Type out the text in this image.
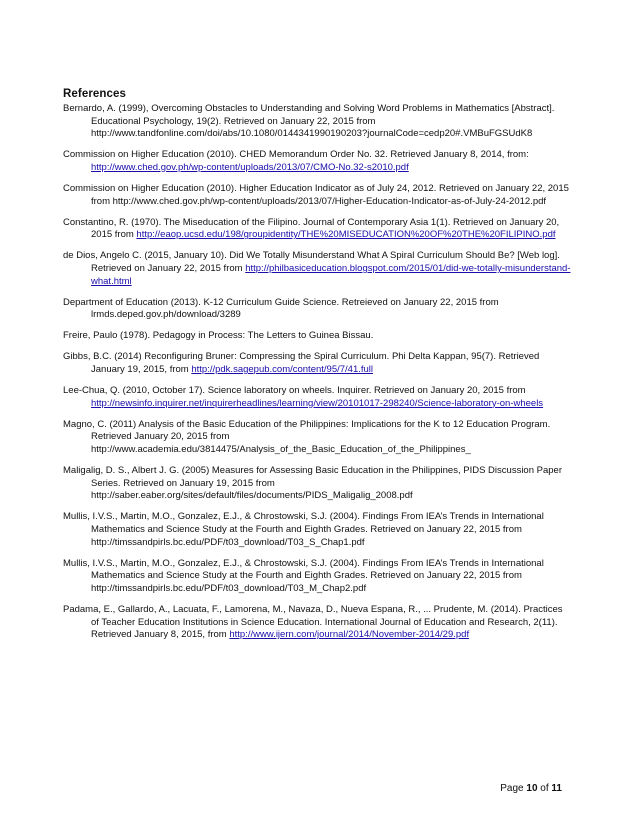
References

Bernardo, A. (1999), Overcoming Obstacles to Understanding and Solving Word Problems in Mathematics [Abstract]. Educational Psychology, 19(2). Retrieved on January 22, 2015 from http://www.tandfonline.com/doi/abs/10.1080/0144341990190203?journalCode=cedp20#.VMBuFGSUdK8

Commission on Higher Education (2010). CHED Memorandum Order No. 32. Retrieved January 8, 2014, from: http://www.ched.gov.ph/wp-content/uploads/2013/07/CMO-No.32-s2010.pdf

Commission on Higher Education (2010). Higher Education Indicator as of July 24, 2012. Retrieved on January 22, 2015 from http://www.ched.gov.ph/wp-content/uploads/2013/07/Higher-Education-Indicator-as-of-July-24-2012.pdf

Constantino, R. (1970). The Miseducation of the Filipino. Journal of Contemporary Asia 1(1). Retrieved on January 20, 2015 from http://eaop.ucsd.edu/198/groupidentity/THE%20MISEDUCATION%20OF%20THE%20FILIPINO.pdf

de Dios, Angelo C. (2015, January 10). Did We Totally Misunderstand What A Spiral Curriculum Should Be? [Web log]. Retrieved on January 22, 2015 from http://philbasiceducation.blogspot.com/2015/01/did-we-totally-misunderstand-what.html

Department of Education (2013). K-12 Curriculum Guide Science. Retreieved on January 22, 2015 from lrmds.deped.gov.ph/download/3289

Freire, Paulo (1978). Pedagogy in Process: The Letters to Guinea Bissau.

Gibbs, B.C. (2014) Reconfiguring Bruner: Compressing the Spiral Curriculum. Phi Delta Kappan, 95(7). Retrieved January 19, 2015, from http://pdk.sagepub.com/content/95/7/41.full

Lee-Chua, Q. (2010, October 17). Science laboratory on wheels. Inquirer. Retrieved on January 20, 2015 from http://newsinfo.inquirer.net/inquirerheadlines/learning/view/20101017-298240/Science-laboratory-on-wheels

Magno, C. (2011) Analysis of the Basic Education of the Philippines: Implications for the K to 12 Education Program. Retrieved January 20, 2015 from http://www.academia.edu/3814475/Analysis_of_the_Basic_Education_of_the_Philippines_

Maligalig, D. S., Albert J. G. (2005) Measures for Assessing Basic Education in the Philippines, PIDS Discussion Paper Series. Retrieved on January 19, 2015 from http://saber.eaber.org/sites/default/files/documents/PIDS_Maligalig_2008.pdf

Mullis, I.V.S., Martin, M.O., Gonzalez, E.J., & Chrostowski, S.J. (2004). Findings From IEA’s Trends in International Mathematics and Science Study at the Fourth and Eighth Grades. Retrieved on January 22, 2015 from http://timssandpirls.bc.edu/PDF/t03_download/T03_S_Chap1.pdf

Mullis, I.V.S., Martin, M.O., Gonzalez, E.J., & Chrostowski, S.J. (2004). Findings From IEA’s Trends in International Mathematics and Science Study at the Fourth and Eighth Grades. Retrieved on January 22, 2015 from http://timssandpirls.bc.edu/PDF/t03_download/T03_M_Chap2.pdf

Padama, E., Gallardo, A., Lacuata, F., Lamorena, M., Navaza, D., Nueva Espana, R., ... Prudente, M. (2014). Practices of Teacher Education Institutions in Science Education. International Journal of Education and Research, 2(11). Retrieved January 8, 2015, from http://www.ijern.com/journal/2014/November-2014/29.pdf

Page 10 of 11
